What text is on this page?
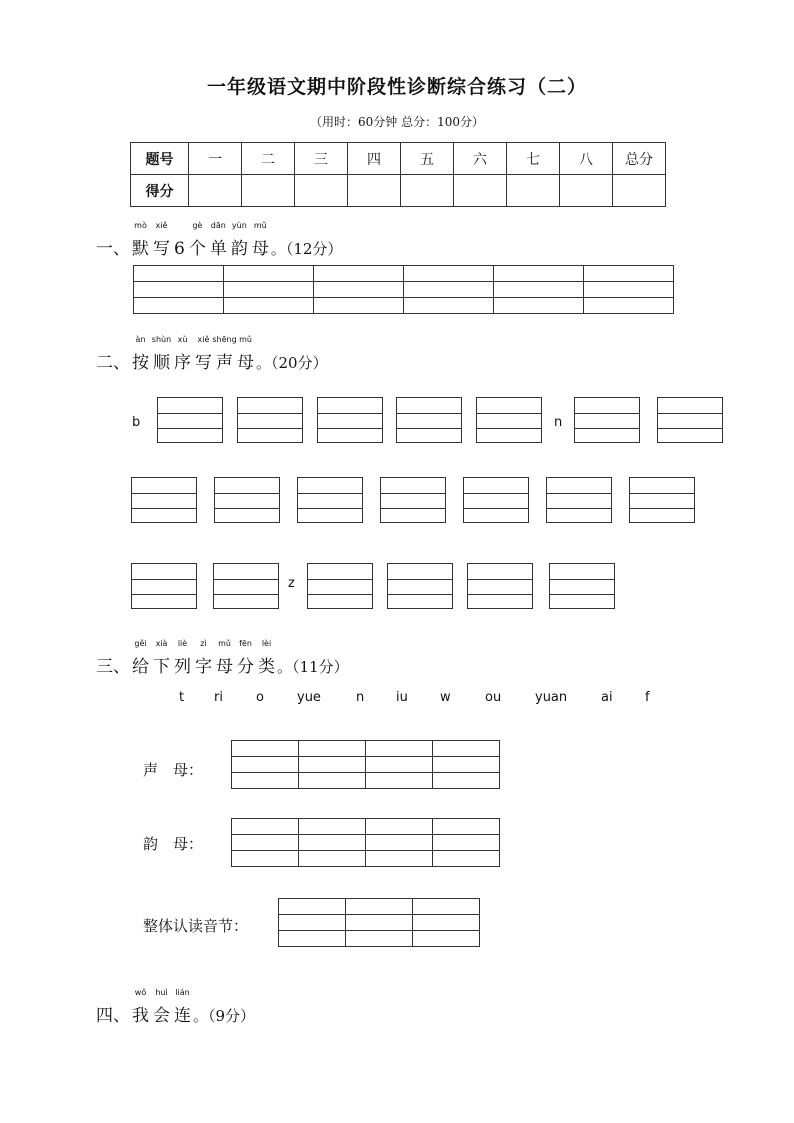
一年级语文期中阶段性诊断综合练习（二）
（用时：60分钟 总分：100分）
题号	一	二	三	四	五	六	七	八	总分
得分									
一、
mò
默
xiě
写 6
gè
个
dān
单
yùn
韵
mǔ
母 。（12分）

二、
àn
按
shùn
顺
xù
序
xiě
写
shēng
声
mǔ
母 。（20分）
b	n
z
三、
gěi
给
xià
下
liè
列
zì
字
mǔ
母
fēn
分
lèi
类 。（11分）
t ri	o	yue	n iu w	ou	yuan	ai f
声　母：

韵　母：

整体认读音节：

四、
wǒ
我
huì
会
lián
连 。（9分）
